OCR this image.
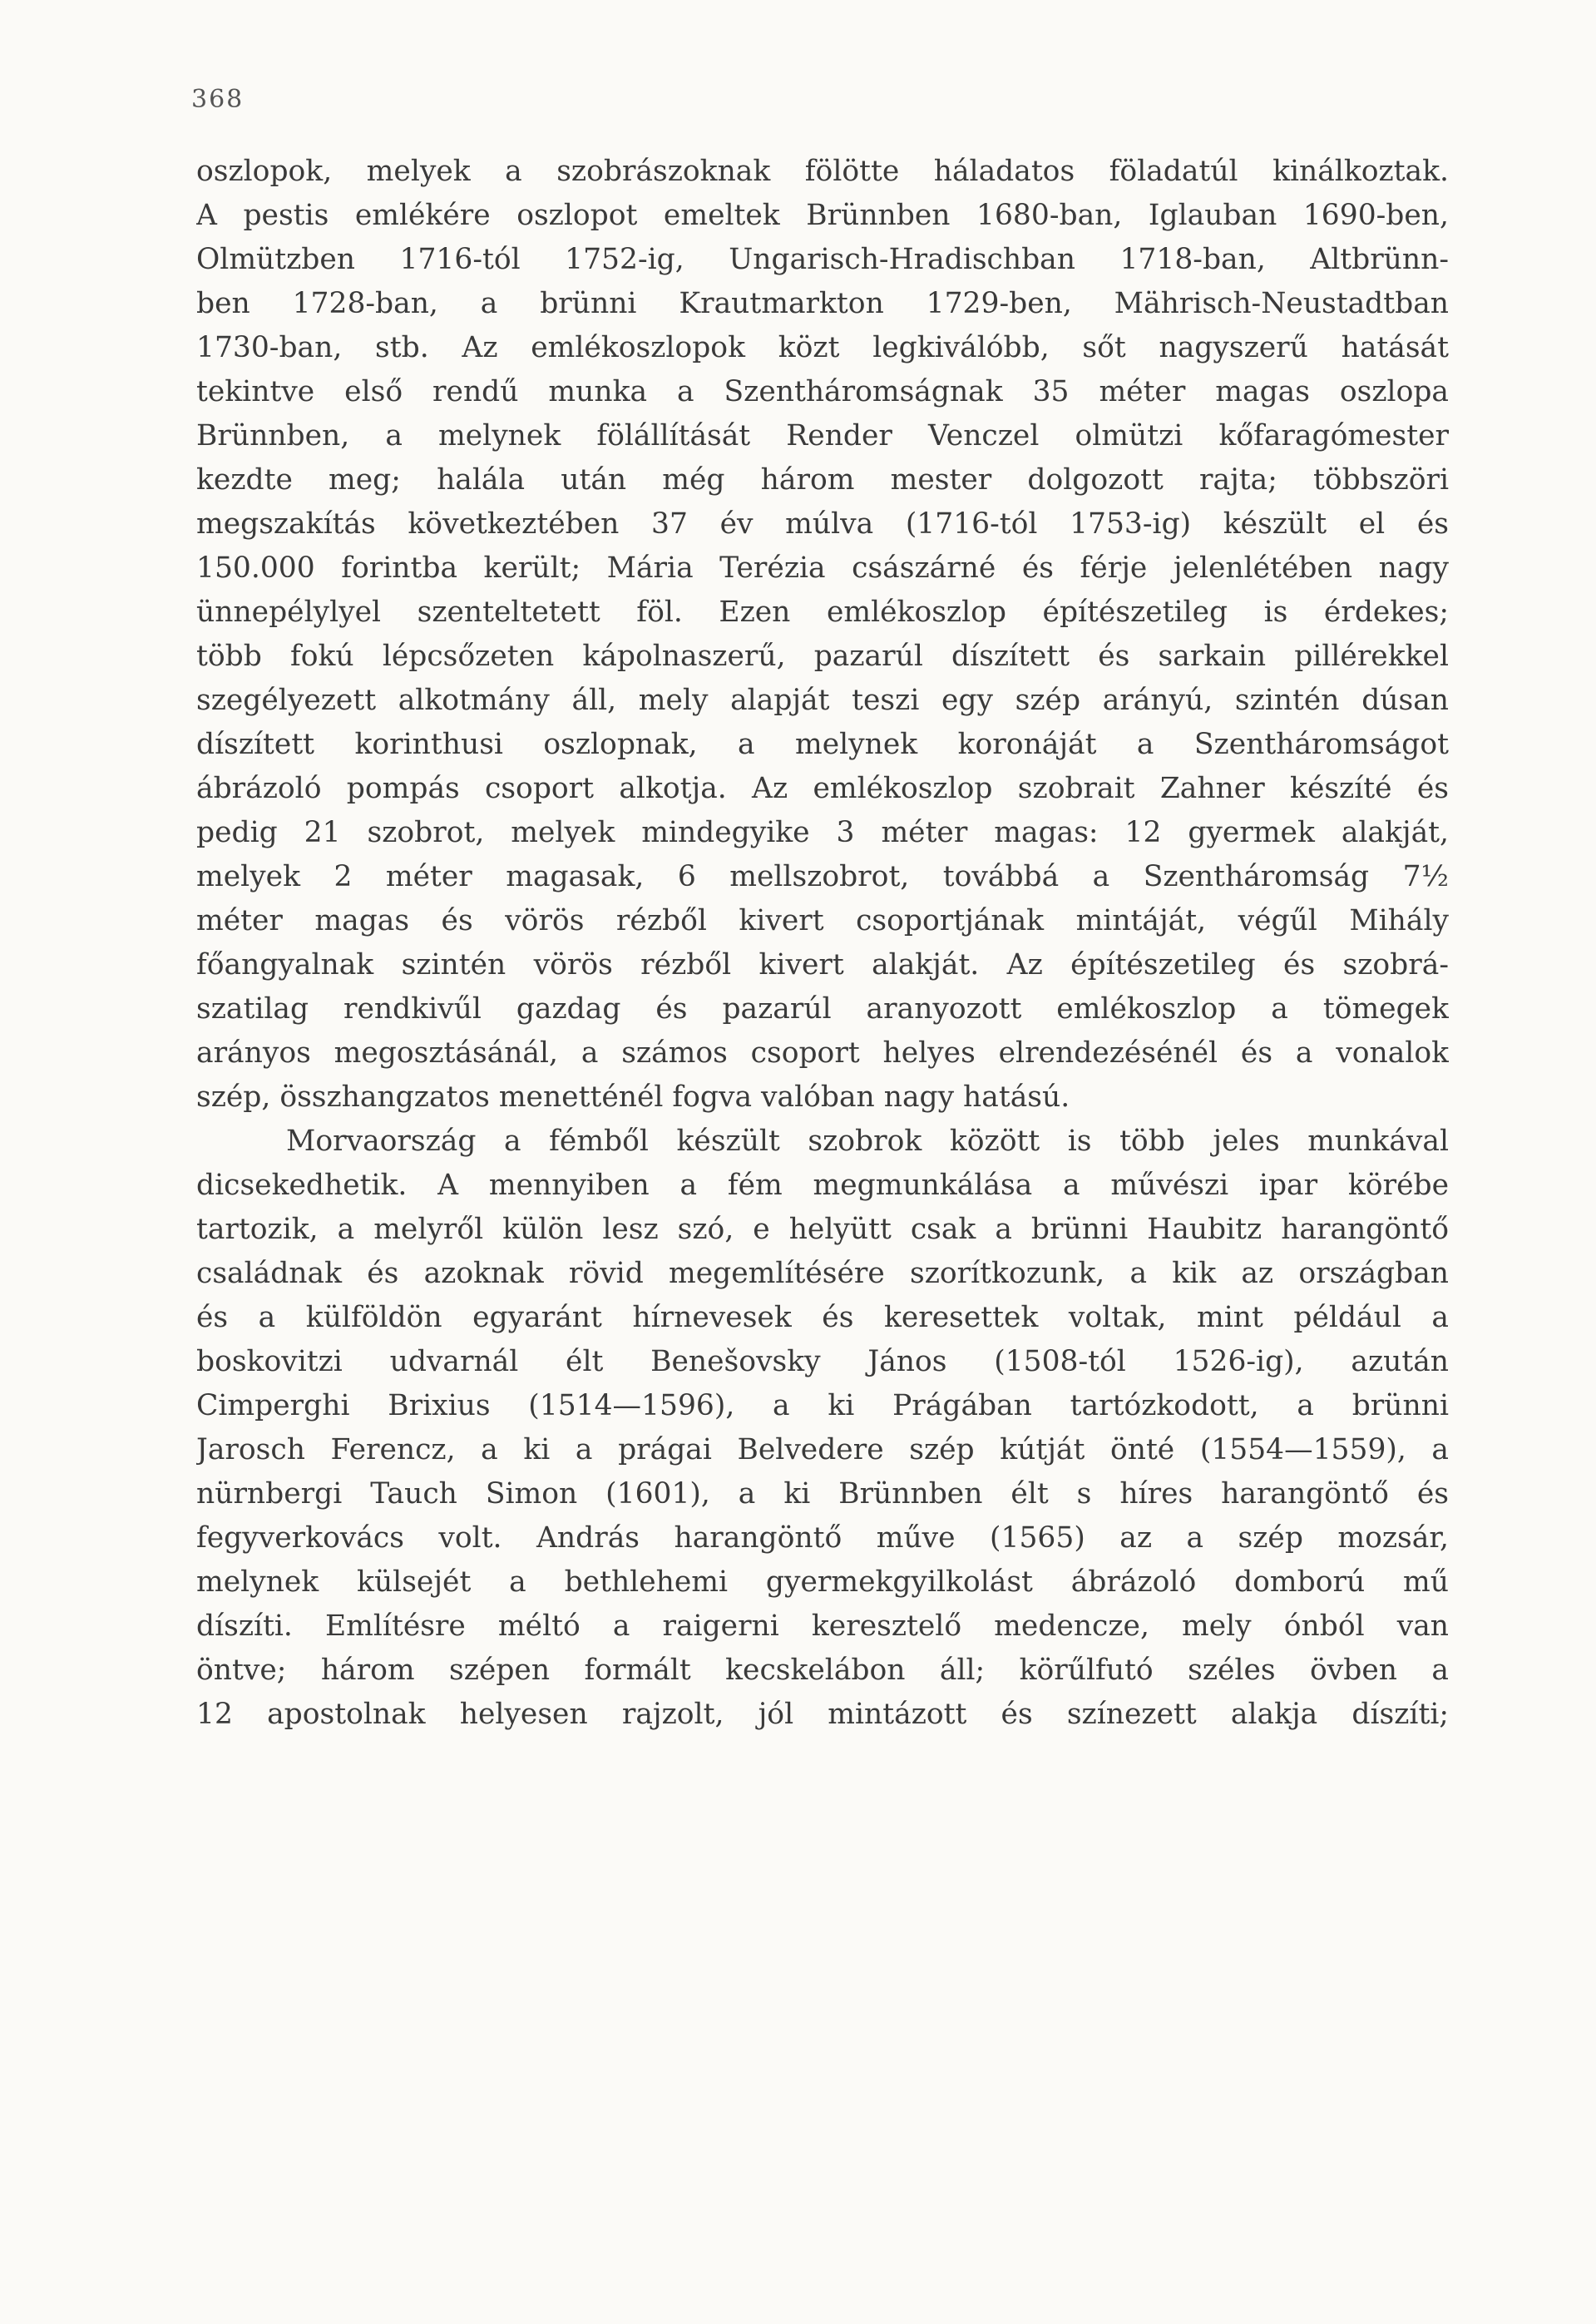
368
oszlopok, melyek a szobrászoknak fölötte háladatos föladatúl kinálkoztak.
A pestis emlékére oszlopot emeltek Brünnben 1680-ban, Iglauban 1690-ben,
Olmützben 1716-tól 1752-ig, Ungarisch-Hradischban 1718-ban, Altbrünn-
ben 1728-ban, a brünni Krautmarkton 1729-ben, Mährisch-Neustadtban
1730-ban, stb. Az emlékoszlopok közt legkiválóbb, sőt nagyszerű hatását
tekintve első rendű munka a Szentháromságnak 35 méter magas oszlopa
Brünnben, a melynek fölállítását Render Venczel olmützi kőfaragómester
kezdte meg; halála után még három mester dolgozott rajta; többszöri
megszakítás következtében 37 év múlva (1716-tól 1753-ig) készült el és
150.000 forintba került; Mária Terézia császárné és férje jelenlétében nagy
ünnepélylyel szenteltetett föl. Ezen emlékoszlop építészetileg is érdekes;
több fokú lépcsőzeten kápolnaszerű, pazarúl díszített és sarkain pillérekkel
szegélyezett alkotmány áll, mely alapját teszi egy szép arányú, szintén dúsan
díszített korinthusi oszlopnak, a melynek koronáját a Szentháromságot
ábrázoló pompás csoport alkotja. Az emlékoszlop szobrait Zahner készíté és
pedig 21 szobrot, melyek mindegyike 3 méter magas: 12 gyermek alakját,
melyek 2 méter magasak, 6 mellszobrot, továbbá a Szentháromság 7½
méter magas és vörös rézből kivert csoportjának mintáját, végűl Mihály
főangyalnak szintén vörös rézből kivert alakját. Az építészetileg és szobrá-
szatilag rendkivűl gazdag és pazarúl aranyozott emlékoszlop a tömegek
arányos megosztásánál, a számos csoport helyes elrendezésénél és a vonalok
szép, összhangzatos menetténél fogva valóban nagy hatású.
Morvaország a fémből készült szobrok között is több jeles munkával
dicsekedhetik. A mennyiben a fém megmunkálása a művészi ipar körébe
tartozik, a melyről külön lesz szó, e helyütt csak a brünni Haubitz harangöntő
családnak és azoknak rövid megemlítésére szorítkozunk, a kik az országban
és a külföldön egyaránt hírnevesek és keresettek voltak, mint például a
boskovitzi udvarnál élt Benešovsky János (1508-tól 1526-ig), azután
Cimperghi Brixius (1514—1596), a ki Prágában tartózkodott, a brünni
Jarosch Ferencz, a ki a prágai Belvedere szép kútját önté (1554—1559), a
nürnbergi Tauch Simon (1601), a ki Brünnben élt s híres harangöntő és
fegyverkovács volt. András harangöntő műve (1565) az a szép mozsár,
melynek külsejét a bethlehemi gyermekgyilkolást ábrázoló domború mű
díszíti. Említésre méltó a raigerni keresztelő medencze, mely ónból van
öntve; három szépen formált kecskelábon áll; körűlfutó széles övben a
12 apostolnak helyesen rajzolt, jól mintázott és színezett alakja díszíti;
